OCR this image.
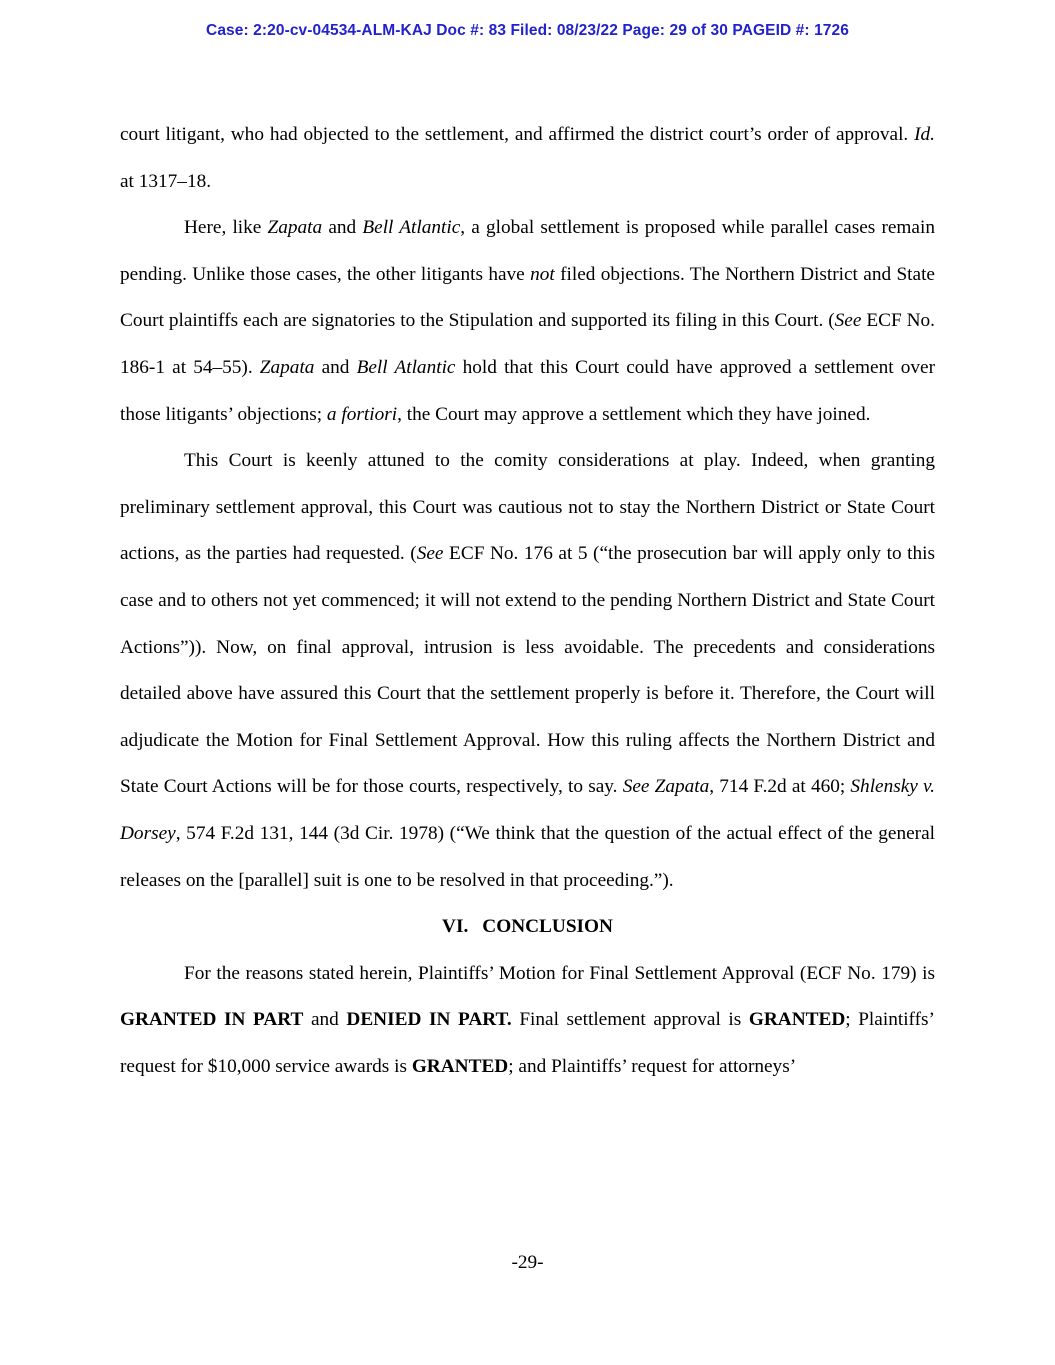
Case: 2:20-cv-04534-ALM-KAJ Doc #: 83 Filed: 08/23/22 Page: 29 of 30 PAGEID #: 1726

court litigant, who had objected to the settlement, and affirmed the district court’s order of approval. Id. at 1317–18.

Here, like Zapata and Bell Atlantic, a global settlement is proposed while parallel cases remain pending. Unlike those cases, the other litigants have not filed objections. The Northern District and State Court plaintiffs each are signatories to the Stipulation and supported its filing in this Court. (See ECF No. 186-1 at 54–55). Zapata and Bell Atlantic hold that this Court could have approved a settlement over those litigants’ objections; a fortiori, the Court may approve a settlement which they have joined.

This Court is keenly attuned to the comity considerations at play. Indeed, when granting preliminary settlement approval, this Court was cautious not to stay the Northern District or State Court actions, as the parties had requested. (See ECF No. 176 at 5 (“the prosecution bar will apply only to this case and to others not yet commenced; it will not extend to the pending Northern District and State Court Actions”)). Now, on final approval, intrusion is less avoidable. The precedents and considerations detailed above have assured this Court that the settlement properly is before it. Therefore, the Court will adjudicate the Motion for Final Settlement Approval. How this ruling affects the Northern District and State Court Actions will be for those courts, respectively, to say. See Zapata, 714 F.2d at 460; Shlensky v. Dorsey, 574 F.2d 131, 144 (3d Cir. 1978) (“We think that the question of the actual effect of the general releases on the [parallel] suit is one to be resolved in that proceeding.”).

VI. CONCLUSION

For the reasons stated herein, Plaintiffs’ Motion for Final Settlement Approval (ECF No. 179) is GRANTED IN PART and DENIED IN PART. Final settlement approval is GRANTED; Plaintiffs’ request for $10,000 service awards is GRANTED; and Plaintiffs’ request for attorneys’

-29-
